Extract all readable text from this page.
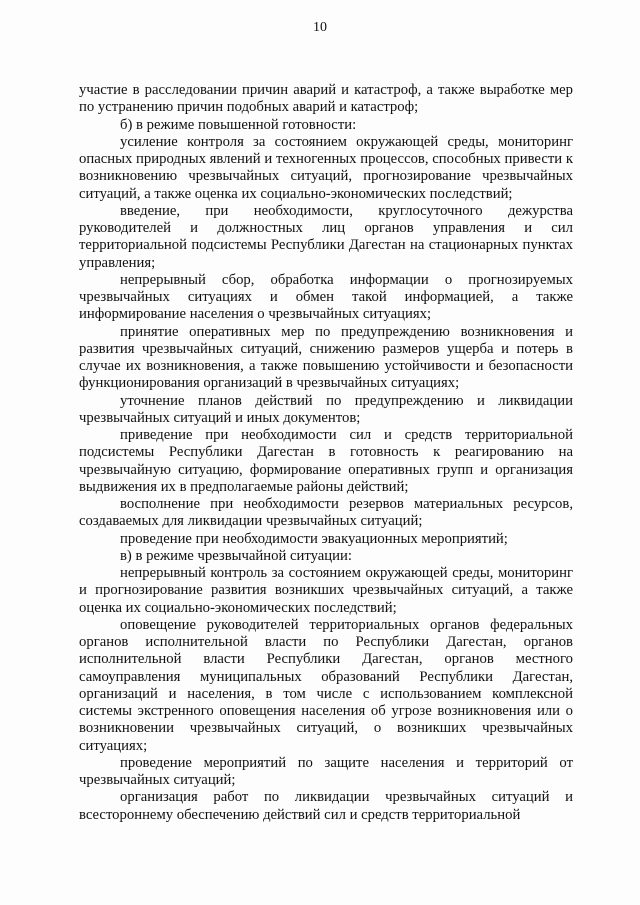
10

участие в расследовании причин аварий и катастроф, а также выработке мер по устранению причин подобных аварий и катастроф;

б) в режиме повышенной готовности:

усиление контроля за состоянием окружающей среды, мониторинг опасных природных явлений и техногенных процессов, способных привести к возникновению чрезвычайных ситуаций, прогнозирование чрезвычайных ситуаций, а также оценка их социально-экономических последствий;

введение, при необходимости, круглосуточного дежурства руководителей и должностных лиц органов управления и сил территориальной подсистемы Республики Дагестан на стационарных пунктах управления;

непрерывный сбор, обработка информации о прогнозируемых чрезвычайных ситуациях и обмен такой информацией, а также информирование населения о чрезвычайных ситуациях;

принятие оперативных мер по предупреждению возникновения и развития чрезвычайных ситуаций, снижению размеров ущерба и потерь в случае их возникновения, а также повышению устойчивости и безопасности функционирования организаций в чрезвычайных ситуациях;

уточнение планов действий по предупреждению и ликвидации чрезвычайных ситуаций и иных документов;

приведение при необходимости сил и средств территориальной подсистемы Республики Дагестан в готовность к реагированию на чрезвычайную ситуацию, формирование оперативных групп и организация выдвижения их в предполагаемые районы действий;

восполнение при необходимости резервов материальных ресурсов, создаваемых для ликвидации чрезвычайных ситуаций;

проведение при необходимости эвакуационных мероприятий;

в) в режиме чрезвычайной ситуации:

непрерывный контроль за состоянием окружающей среды, мониторинг и прогнозирование развития возникших чрезвычайных ситуаций, а также оценка их социально-экономических последствий;

оповещение руководителей территориальных органов федеральных органов исполнительной власти по Республики Дагестан, органов исполнительной власти Республики Дагестан, органов местного самоуправления муниципальных образований Республики Дагестан, организаций и населения, в том числе с использованием комплексной системы экстренного оповещения населения об угрозе возникновения или о возникновении чрезвычайных ситуаций, о возникших чрезвычайных ситуациях;

проведение мероприятий по защите населения и территорий от чрезвычайных ситуаций;

организация работ по ликвидации чрезвычайных ситуаций и всестороннему обеспечению действий сил и средств территориальной
